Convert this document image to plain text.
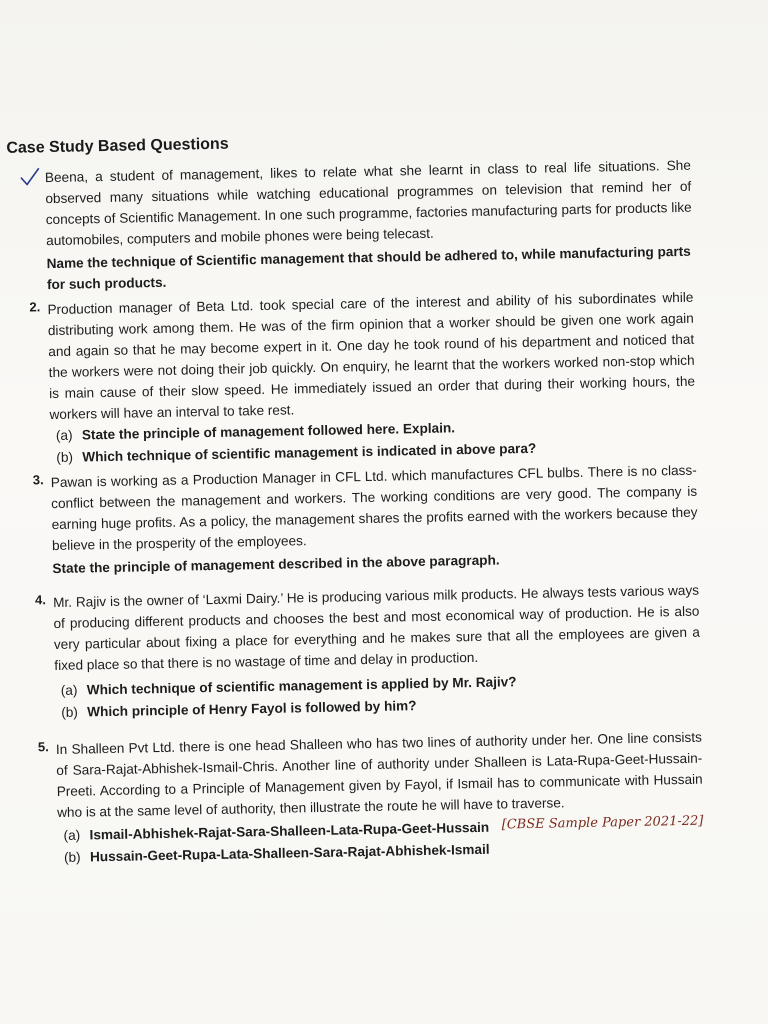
Case Study Based Questions
Beena, a student of management, likes to relate what she learnt in class to real life situations. She observed many situations while watching educational programmes on television that remind her of concepts of Scientific Management. In one such programme, factories manufacturing parts for products like automobiles, computers and mobile phones were being telecast.
Name the technique of Scientific management that should be adhered to, while manufacturing parts for such products.
2. Production manager of Beta Ltd. took special care of the interest and ability of his subordinates while distributing work among them. He was of the firm opinion that a worker should be given one work again and again so that he may become expert in it. One day he took round of his department and noticed that the workers were not doing their job quickly. On enquiry, he learnt that the workers worked non-stop which is main cause of their slow speed. He immediately issued an order that during their working hours, the workers will have an interval to take rest.
(a) State the principle of management followed here. Explain.
(b) Which technique of scientific management is indicated in above para?
3. Pawan is working as a Production Manager in CFL Ltd. which manufactures CFL bulbs. There is no class-conflict between the management and workers. The working conditions are very good. The company is earning huge profits. As a policy, the management shares the profits earned with the workers because they believe in the prosperity of the employees.
State the principle of management described in the above paragraph.
4. Mr. Rajiv is the owner of ‘Laxmi Dairy.’ He is producing various milk products. He always tests various ways of producing different products and chooses the best and most economical way of production. He is also very particular about fixing a place for everything and he makes sure that all the employees are given a fixed place so that there is no wastage of time and delay in production.
(a) Which technique of scientific management is applied by Mr. Rajiv?
(b) Which principle of Henry Fayol is followed by him?
5. In Shalleen Pvt Ltd. there is one head Shalleen who has two lines of authority under her. One line consists of Sara-Rajat-Abhishek-Ismail-Chris. Another line of authority under Shalleen is Lata-Rupa-Geet-Hussain-Preeti. According to a Principle of Management given by Fayol, if Ismail has to communicate with Hussain who is at the same level of authority, then illustrate the route he will have to traverse.
[CBSE Sample Paper 2021-22]
(a) Ismail-Abhishek-Rajat-Sara-Shalleen-Lata-Rupa-Geet-Hussain
(b) Hussain-Geet-Rupa-Lata-Shalleen-Sara-Rajat-Abhishek-Ismail
